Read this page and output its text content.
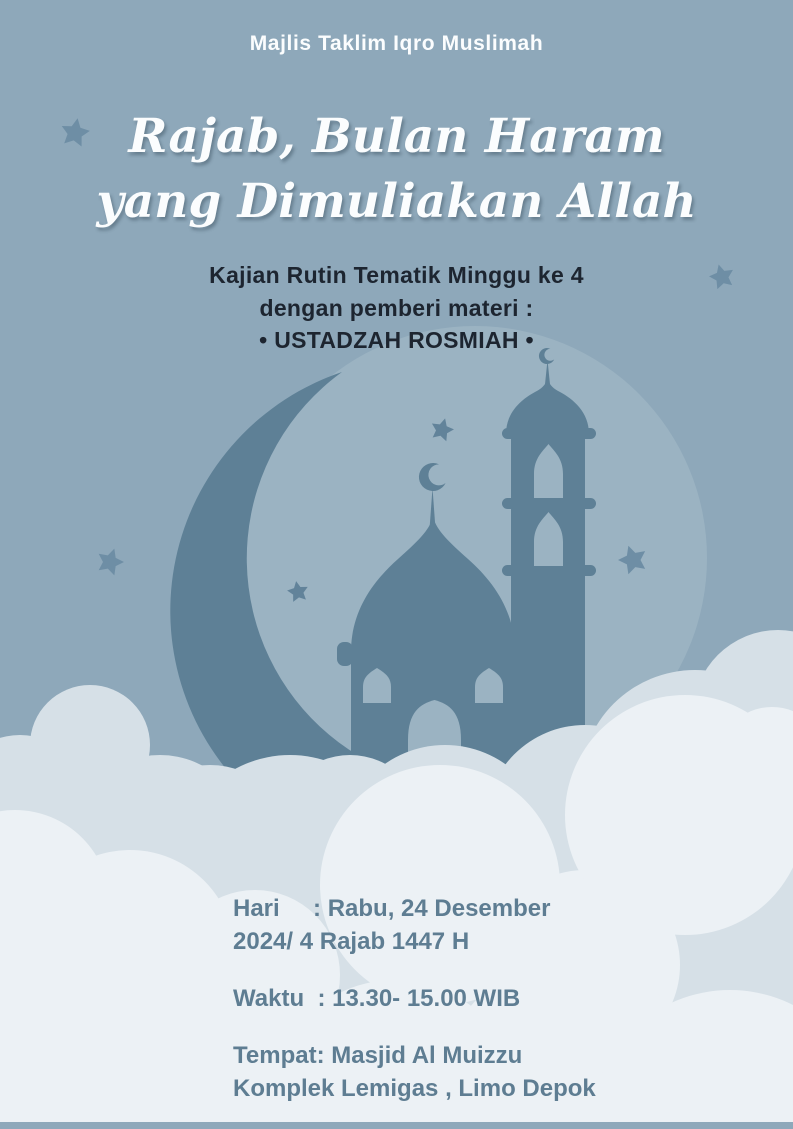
Majlis Taklim Iqro Muslimah
Rajab, Bulan Haram
yang Dimuliakan Allah
Kajian Rutin Tematik Minggu ke 4
dengan pemberi materi :
• USTADZAH ROSMIAH •
Hari     : Rabu, 24 Desember
2024/ 4 Rajab 1447 H
Waktu  : 13.30- 15.00 WIB
Tempat: Masjid Al Muizzu
Komplek Lemigas , Limo Depok
